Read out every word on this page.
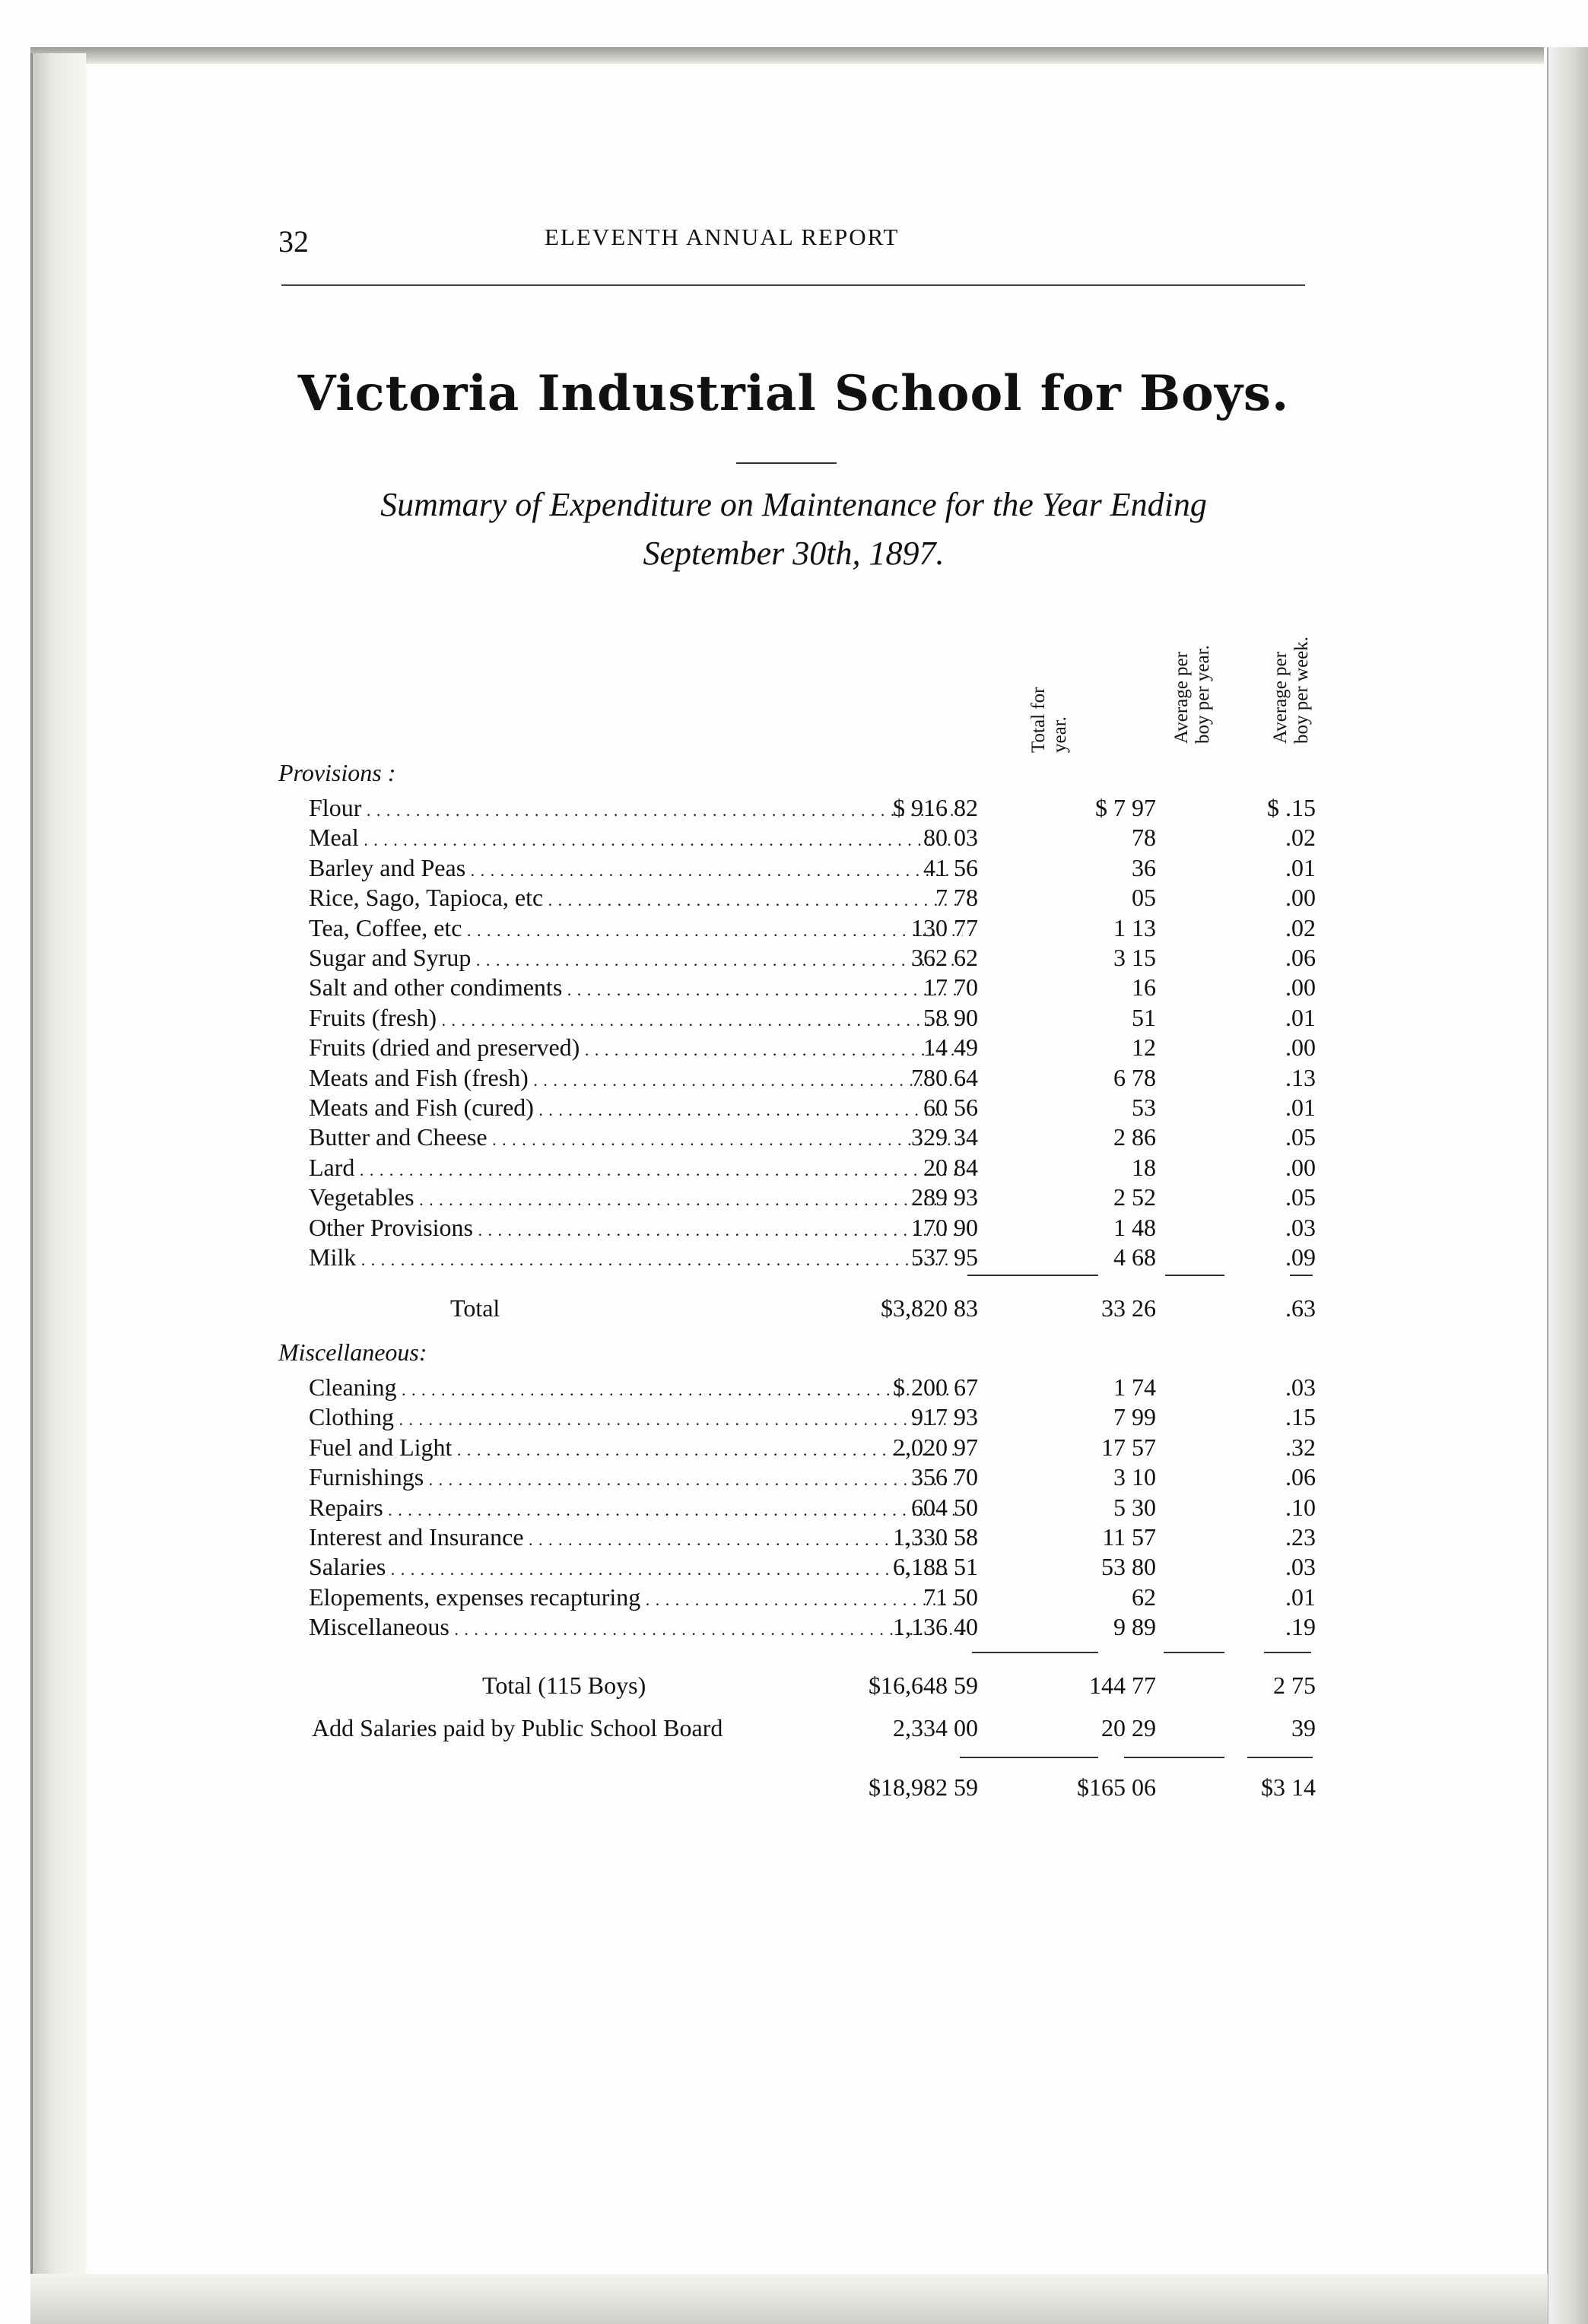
32	ELEVENTH ANNUAL REPORT
Victoria Industrial School for Boys.
Summary of Expenditure on Maintenance for the Year Ending
September 30th, 1897.
Total for year.	Average per boy per year.	Average per boy per week.
Provisions :
Flour . . .	$ 916 82	$ 7 97	$ .15
Meal . . .	80 03	78	.02
Barley and Peas . . .	41 56	36	.01
Rice, Sago, Tapioca, etc . . .	7 78	05	.00
Tea, Coffee, etc . . .	130 77	1 13	.02
Sugar and Syrup . . .	362 62	3 15	.06
Salt and other condiments . . .	17 70	16	.00
Fruits (fresh) . . .	58 90	51	.01
Fruits (dried and preserved) . . .	14 49	12	.00
Meats and Fish (fresh) . . .	780 64	6 78	.13
Meats and Fish (cured) . . .	60 56	53	.01
Butter and Cheese . . .	329 34	2 86	.05
Lard . . .	20 84	18	.00
Vegetables . . .	289 93	2 52	.05
Other Provisions . . .	170 90	1 48	.03
Milk . . .	537 95	4 68	.09
Total	$3,820 83	33 26	.63
Miscellaneous:
Cleaning . . .	$ 200 67	1 74	.03
Clothing . . .	917 93	7 99	.15
Fuel and Light . . .	2,020 97	17 57	.32
Furnishings . . .	356 70	3 10	.06
Repairs . . .	604 50	5 30	.10
Interest and Insurance . . .	1,330 58	11 57	.23
Salaries . . .	6,188 51	53 80	.03
Elopements, expenses recapturing . . .	71 50	62	.01
Miscellaneous . . .	1,136 40	9 89	.19
Total (115 Boys)	$16,648 59	144 77	2 75
Add Salaries paid by Public School Board	2,334 00	20 29	39
$18,982 59	$165 06	$3 14
